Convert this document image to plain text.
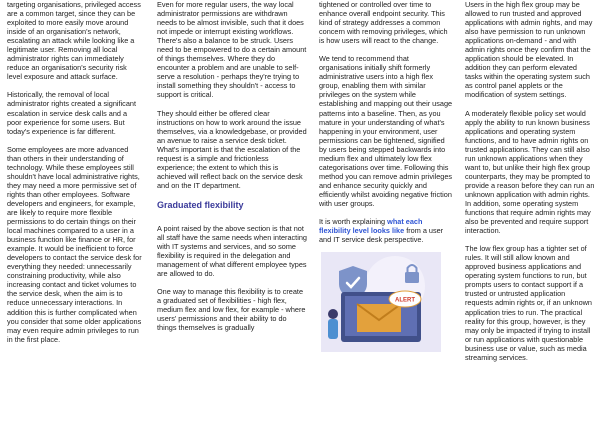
targeting organisations, privileged access are a common target, since they can be exploited to more easily move around inside of an organisation's network, escalating an attack while looking like a legitimate user. Removing all local administrator rights can immediately reduce an organisation's security risk level exposure and attack surface.

Historically, the removal of local administrator rights created a significant escalation in service desk calls and a poor experience for some users. But today's experience is far different.

Some employees are more advanced than others in their understanding of technology. While these employees still shouldn't have local administrative rights, they may need a more permissive set of rights than other employees. Software developers and engineers, for example, are likely to require more flexible permissions to do certain things on their local machines compared to a user in a business function like finance or HR, for example. It would be inefficient to force developers to contact the service desk for everything they needed: unnecessarily constraining productivity, while also increasing contact and ticket volumes to the service desk, when the aim is to reduce unnecessary interactions. In addition this is further complicated when you consider that some older applications may even require admin privileges to run in the first place.

Even for more regular users, the way local administrator permissions are withdrawn needs to be almost invisible, such that it does not impede or interrupt existing workflows. There's also a balance to be struck. Users need to be empowered to do a certain amount of things themselves. Where they do encounter a problem and are unable to self-serve a resolution - perhaps they're trying to install something they shouldn't - access to support is critical.

They should either be offered clear instructions on how to work around the issue themselves, via a knowledgebase, or provided an avenue to raise a service desk ticket. What's important is that the escalation of the request is a simple and frictionless experience; the extent to which this is achieved will reflect back on the service desk and on the IT department.

Graduated flexibility

A point raised by the above section is that not all staff have the same needs when interacting with IT systems and services, and so some flexibility is required in the delegation and management of what different employee types are allowed to do.

One way to manage this flexibility is to create a graduated set of flexibilities - high flex, medium flex and low flex, for example - where users' permissions and their ability to do things themselves is gradually

tightened or controlled over time to enhance overall endpoint security. This kind of strategy addresses a common concern with removing privileges, which is how users will react to the change.

We tend to recommend that organisations initially shift formerly administrative users into a high flex group, enabling them with similar privileges on the system while establishing and mapping out their usage patterns into a baseline. Then, as you mature in your understanding of what's happening in your environment, user permissions can be tightened, signified by users being stepped backwards into medium flex and ultimately low flex categorisations over time. Following this method you can remove admin privileges and enhance security quickly and efficiently whilst avoiding negative friction with user groups.

It is worth explaining what each flexibility level looks like from a user and IT service desk perspective.

ALERT

Users in the high flex group may be allowed to run trusted and approved applications with admin rights, and may also have permission to run unknown applications on-demand - and with admin rights once they confirm that the application should be elevated. In addition they can perform elevated tasks within the operating system such as control panel applets or the modification of system settings.

A moderately flexible policy set would apply the ability to run known business applications and operating system functions, and to have admin rights on trusted applications. They can still also run unknown applications when they want to, but unlike their high flex group counterparts, they may be prompted to provide a reason before they can run an unknown application with admin rights. In addition, some operating system functions that require admin rights may also be prevented and require support interaction.

The low flex group has a tighter set of rules. It will still allow known and approved business applications and operating system functions to run, but prompts users to contact support if a trusted or untrusted application requests admin rights or, if an unknown application tries to run. The practical reality for this group, however, is they may only be impacted if trying to install or run applications with questionable business use or value, such as media streaming services.
